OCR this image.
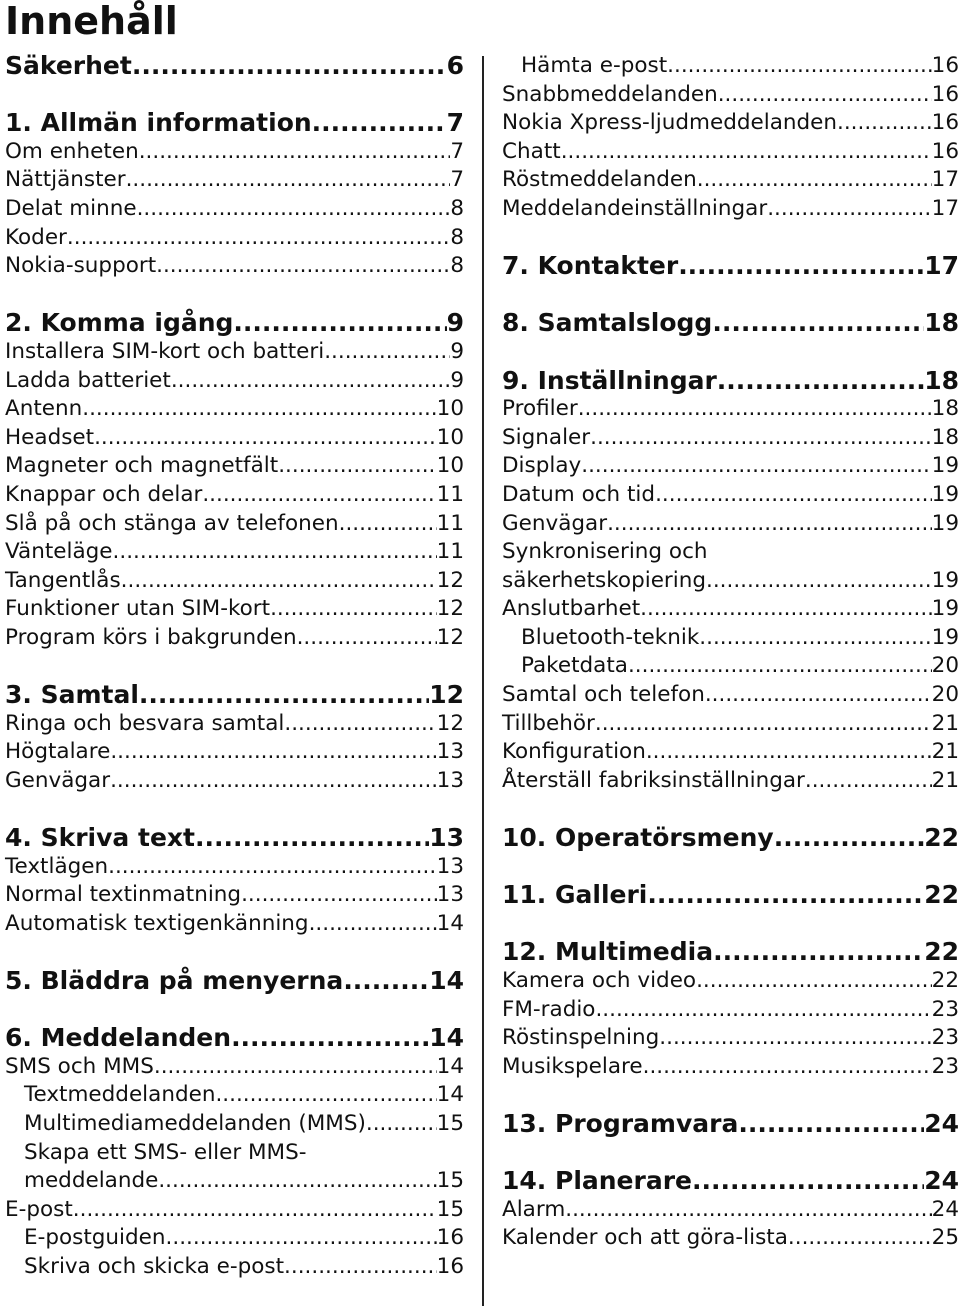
Innehåll
Säkerhet .....	6
1. Allmän information .....	7
Om enheten .....	7
Nättjänster .....	7
Delat minne .....	8
Koder .....	8
Nokia-support .....	8
2. Komma igång .....	9
Installera SIM-kort och batteri .....	9
Ladda batteriet .....	9
Antenn .....	10
Headset .....	10
Magneter och magnetfält .....	10
Knappar och delar .....	11
Slå på och stänga av telefonen .....	11
Vänteläge .....	11
Tangentlås .....	12
Funktioner utan SIM-kort .....	12
Program körs i bakgrunden .....	12
3. Samtal .....	12
Ringa och besvara samtal .....	12
Högtalare .....	13
Genvägar .....	13
4. Skriva text .....	13
Textlägen .....	13
Normal textinmatning .....	13
Automatisk textigenkänning .....	14
5. Bläddra på menyerna .....	14
6. Meddelanden .....	14
SMS och MMS .....	14
Textmeddelanden .....	14
Multimediameddelanden (MMS) .....	15
Skapa ett SMS- eller MMS-
meddelande .....	15
E-post .....	15
E-postguiden .....	16
Skriva och skicka e-post .....	16
Hämta e-post .....	16
Snabbmeddelanden .....	16
Nokia Xpress-ljudmeddelanden .....	16
Chatt .....	16
Röstmeddelanden .....	17
Meddelandeinställningar .....	17
7. Kontakter .....	17
8. Samtalslogg .....	18
9. Inställningar .....	18
Profiler .....	18
Signaler .....	18
Display .....	19
Datum och tid .....	19
Genvägar .....	19
Synkronisering och
säkerhetskopiering .....	19
Anslutbarhet .....	19
Bluetooth-teknik .....	19
Paketdata .....	20
Samtal och telefon .....	20
Tillbehör .....	21
Konfiguration .....	21
Återställ fabriksinställningar .....	21
10. Operatörsmeny .....	22
11. Galleri .....	22
12. Multimedia .....	22
Kamera och video .....	22
FM-radio .....	23
Röstinspelning .....	23
Musikspelare .....	23
13. Programvara .....	24
14. Planerare .....	24
Alarm .....	24
Kalender och att göra-lista .....	25
